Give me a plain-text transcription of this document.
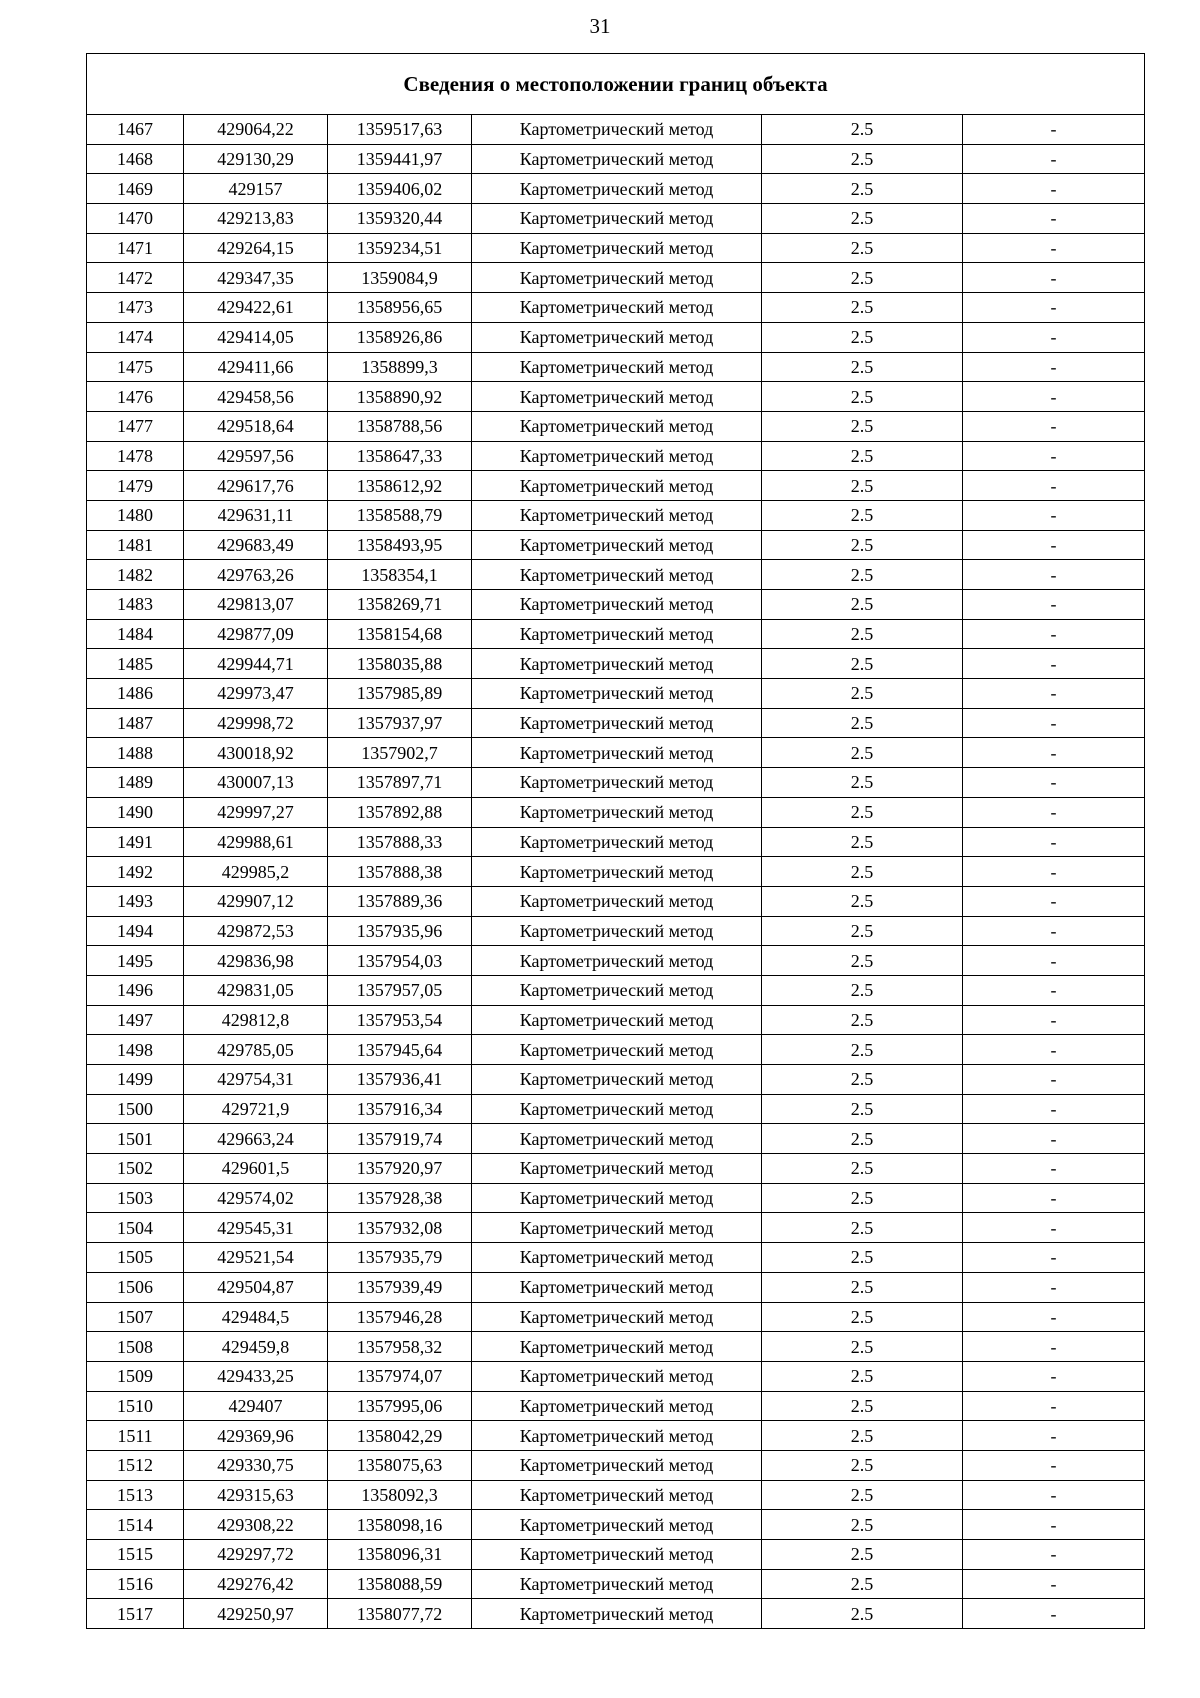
31
Сведения о местоположении границ объекта					
1467	429064,22	1359517,63	Картометрический метод	2.5	-
1468	429130,29	1359441,97	Картометрический метод	2.5	-
1469	429157	1359406,02	Картометрический метод	2.5	-
1470	429213,83	1359320,44	Картометрический метод	2.5	-
1471	429264,15	1359234,51	Картометрический метод	2.5	-
1472	429347,35	1359084,9	Картометрический метод	2.5	-
1473	429422,61	1358956,65	Картометрический метод	2.5	-
1474	429414,05	1358926,86	Картометрический метод	2.5	-
1475	429411,66	1358899,3	Картометрический метод	2.5	-
1476	429458,56	1358890,92	Картометрический метод	2.5	-
1477	429518,64	1358788,56	Картометрический метод	2.5	-
1478	429597,56	1358647,33	Картометрический метод	2.5	-
1479	429617,76	1358612,92	Картометрический метод	2.5	-
1480	429631,11	1358588,79	Картометрический метод	2.5	-
1481	429683,49	1358493,95	Картометрический метод	2.5	-
1482	429763,26	1358354,1	Картометрический метод	2.5	-
1483	429813,07	1358269,71	Картометрический метод	2.5	-
1484	429877,09	1358154,68	Картометрический метод	2.5	-
1485	429944,71	1358035,88	Картометрический метод	2.5	-
1486	429973,47	1357985,89	Картометрический метод	2.5	-
1487	429998,72	1357937,97	Картометрический метод	2.5	-
1488	430018,92	1357902,7	Картометрический метод	2.5	-
1489	430007,13	1357897,71	Картометрический метод	2.5	-
1490	429997,27	1357892,88	Картометрический метод	2.5	-
1491	429988,61	1357888,33	Картометрический метод	2.5	-
1492	429985,2	1357888,38	Картометрический метод	2.5	-
1493	429907,12	1357889,36	Картометрический метод	2.5	-
1494	429872,53	1357935,96	Картометрический метод	2.5	-
1495	429836,98	1357954,03	Картометрический метод	2.5	-
1496	429831,05	1357957,05	Картометрический метод	2.5	-
1497	429812,8	1357953,54	Картометрический метод	2.5	-
1498	429785,05	1357945,64	Картометрический метод	2.5	-
1499	429754,31	1357936,41	Картометрический метод	2.5	-
1500	429721,9	1357916,34	Картометрический метод	2.5	-
1501	429663,24	1357919,74	Картометрический метод	2.5	-
1502	429601,5	1357920,97	Картометрический метод	2.5	-
1503	429574,02	1357928,38	Картометрический метод	2.5	-
1504	429545,31	1357932,08	Картометрический метод	2.5	-
1505	429521,54	1357935,79	Картометрический метод	2.5	-
1506	429504,87	1357939,49	Картометрический метод	2.5	-
1507	429484,5	1357946,28	Картометрический метод	2.5	-
1508	429459,8	1357958,32	Картометрический метод	2.5	-
1509	429433,25	1357974,07	Картометрический метод	2.5	-
1510	429407	1357995,06	Картометрический метод	2.5	-
1511	429369,96	1358042,29	Картометрический метод	2.5	-
1512	429330,75	1358075,63	Картометрический метод	2.5	-
1513	429315,63	1358092,3	Картометрический метод	2.5	-
1514	429308,22	1358098,16	Картометрический метод	2.5	-
1515	429297,72	1358096,31	Картометрический метод	2.5	-
1516	429276,42	1358088,59	Картометрический метод	2.5	-
1517	429250,97	1358077,72	Картометрический метод	2.5	-
